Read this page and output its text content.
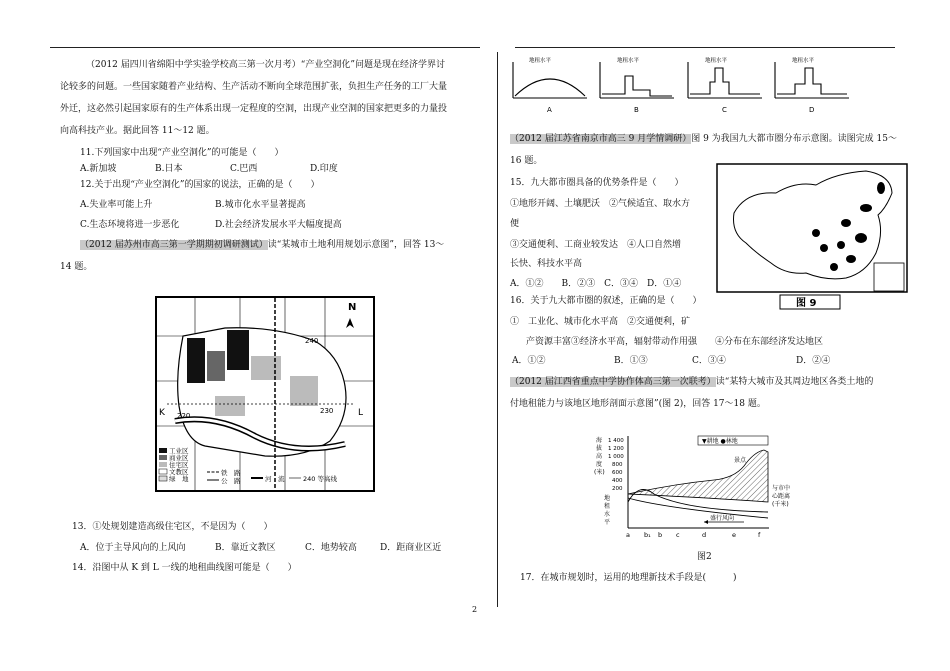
（2012 届四川省绵阳中学实验学校高三第一次月考）“产业空洞化”问题是现在经济学界讨
论较多的问题。一些国家随着产业结构、生产活动不断向全球范围扩张，负担生产任务的工厂大量
外迁，这必然引起国家原有的生产体系出现一定程度的空洞，出现产业空洞的国家把更多的力量投
向高科技产业。据此回答 11～12 题。
11.下列国家中出现“产业空洞化”的可能是（　　）
A.新加坡	B.日本	C.巴西	D.印度
12.关于出现“产业空洞化”的国家的说法，正确的是（　　）
A.失业率可能上升	B.城市化水平显著提高
C.生态环境将进一步恶化	D.社会经济发展水平大幅度提高
（2012 届苏州市高三第一学期期初调研测试）读“某城市土地利用规划示意图”，回答 13～
14 题。
K	L
N
240
220
230
工业区
商业区
住宅区
文教区
绿　地
铁　路
公　路	河　流	240 等高线
13．①处规划建造高级住宅区，不是因为（　　）
A．位于主导风向的上风向	B．靠近文教区	C．地势较高	D．距商业区近
14．沿图中从 K 到 L 一线的地租曲线图可能是（　　）
地租水平	地租水平	地租水平	地租水平
A	B	C	D
（2012 届江苏省南京市高三 9 月学情调研）图 9 为我国九大都市圈分布示意图。读图完成 15～
16 题。
15．九大都市圈具备的优势条件是（　　）
①地形开阔、土壤肥沃　②气候适宜、取水方
便
③交通便利、工商业较发达　④人口自然增
长快、科技水平高
A．①②　　B．②③　C．③④　D．①④
图 9
16．关于九大都市圈的叙述，正确的是（　　）
①　工业化、城市化水平高　②交通便利，矿
产资源丰富③经济水平高，辐射带动作用强　　④分布在东部经济发达地区
A．①②	B．①③	C．③④	D．②④
（2012 届江西省重点中学协作体高三第一次联考）读“某特大城市及其周边地区各类土地的
付地租能力与该地区地形剖面示意图”(图 2)，回答 17～18 题。
海
拔
高
度
(米)
1 400
1 200
1 000
800
600
400
200
地
租
水
平
▼耕地 ●林地
景点
与市中
心距离
(千米)
盛行风向
a b₁ b c	d	e	f
图2
17．在城市规划时，运用的地理新技术手段是(　　　)
2
